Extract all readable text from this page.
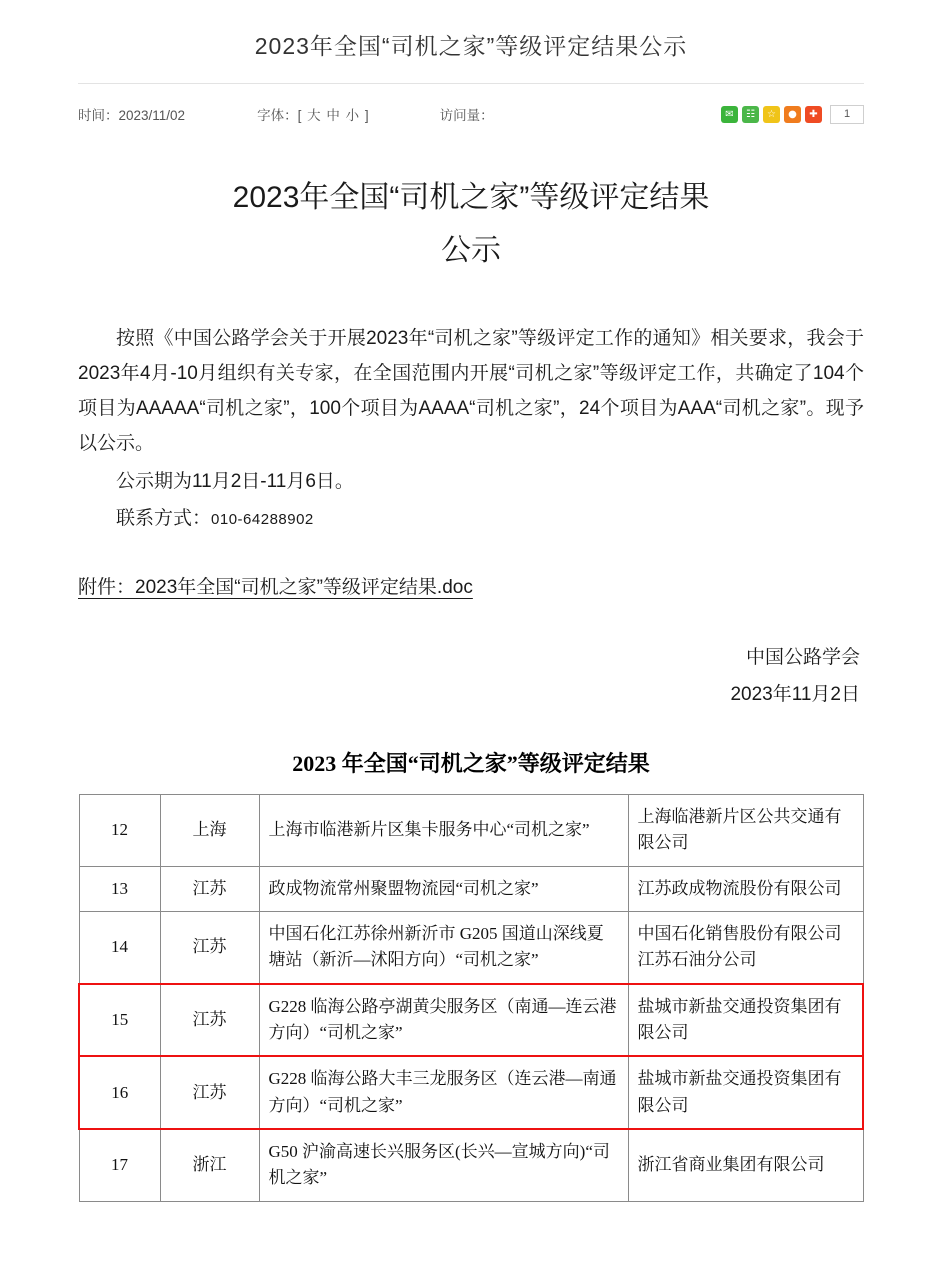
2023年全国“司机之家”等级评定结果公示
时间：2023/11/02	字体：[ 大 中 小 ]	访问量：	✉	☷	☆	●	✚	1
2023年全国“司机之家”等级评定结果
公示

按照《中国公路学会关于开展2023年“司机之家”等级评定工作的通知》相关要求，我会于2023年4月-10月组织有关专家，在全国范围内开展“司机之家”等级评定工作，共确定了104个项目为AAAAA“司机之家”，100个项目为AAAA“司机之家”，24个项目为AAA“司机之家”。现予以公示。

公示期为11月2日-11月6日。

联系方式：010-64288902

附件：2023年全国“司机之家”等级评定结果.doc
中国公路学会
2023年11月2日
2023 年全国“司机之家”等级评定结果
12	上海	上海市临港新片区集卡服务中心“司机之家”	上海临港新片区公共交通有限公司
13	江苏	政成物流常州聚盟物流园“司机之家”	江苏政成物流股份有限公司
14	江苏	中国石化江苏徐州新沂市 G205 国道山深线夏塘站（新沂—沭阳方向）“司机之家”	中国石化销售股份有限公司江苏石油分公司
15	江苏	G228 临海公路亭湖黄尖服务区（南通—连云港方向）“司机之家”	盐城市新盐交通投资集团有限公司
16	江苏	G228 临海公路大丰三龙服务区（连云港—南通方向）“司机之家”	盐城市新盐交通投资集团有限公司
17	浙江	G50 沪渝高速长兴服务区(长兴—宣城方向)“司机之家”	浙江省商业集团有限公司
